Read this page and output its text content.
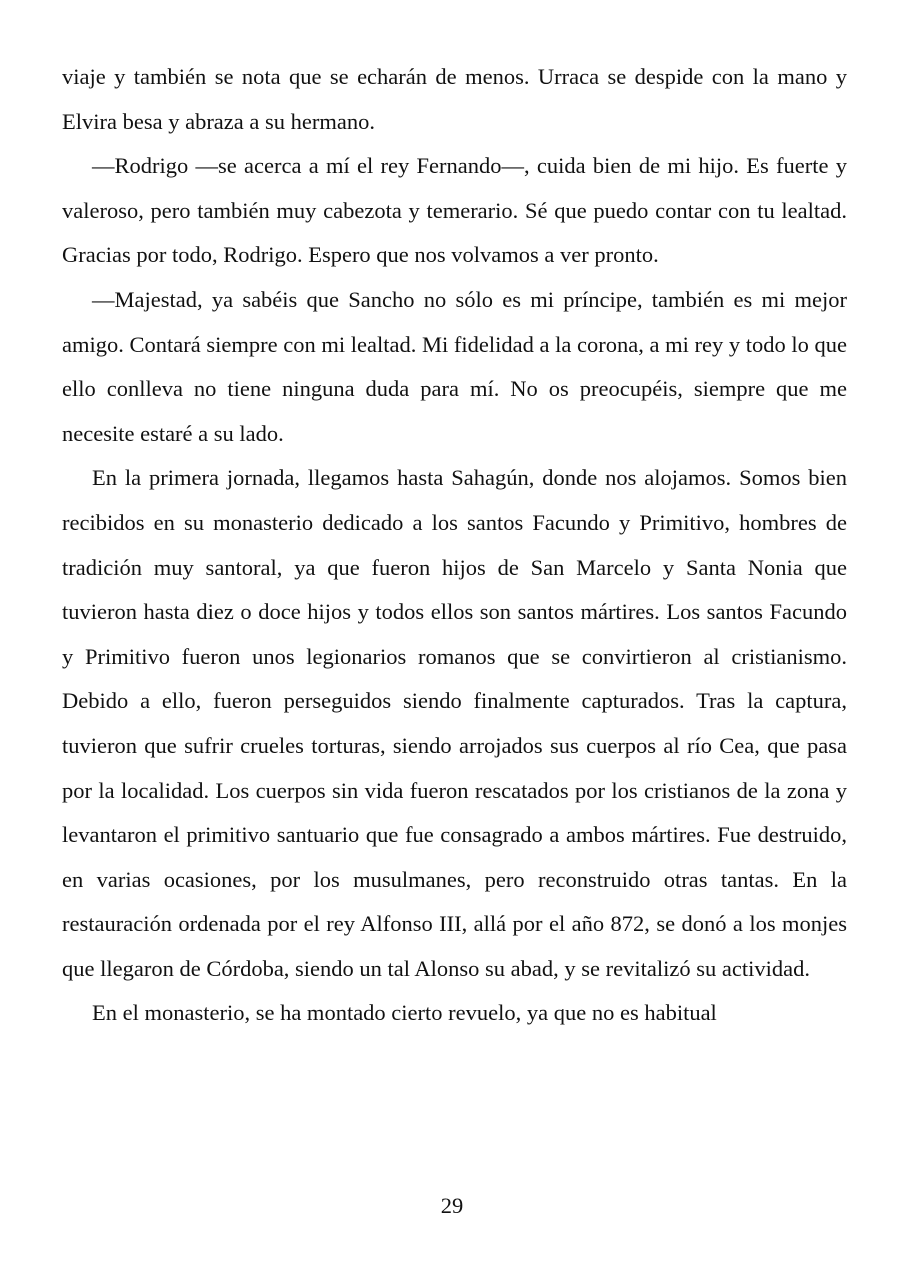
viaje y también se nota que se echarán de menos. Urraca se despide con la mano y Elvira besa y abraza a su hermano.

—Rodrigo —se acerca a mí el rey Fernando—, cuida bien de mi hijo. Es fuerte y valeroso, pero también muy cabezota y temerario. Sé que puedo contar con tu lealtad. Gracias por todo, Rodrigo. Espero que nos volvamos a ver pronto.

—Majestad, ya sabéis que Sancho no sólo es mi príncipe, también es mi mejor amigo. Contará siempre con mi lealtad. Mi fidelidad a la corona, a mi rey y todo lo que ello conlleva no tiene ninguna duda para mí. No os preocupéis, siempre que me necesite estaré a su lado.

En la primera jornada, llegamos hasta Sahagún, donde nos alojamos. Somos bien recibidos en su monasterio dedicado a los santos Facundo y Primitivo, hombres de tradición muy santoral, ya que fueron hijos de San Marcelo y Santa Nonia que tuvieron hasta diez o doce hijos y todos ellos son santos mártires. Los santos Facundo y Primitivo fueron unos legionarios romanos que se convirtieron al cristianismo. Debido a ello, fueron perseguidos siendo finalmente capturados. Tras la captura, tuvieron que sufrir crueles torturas, siendo arrojados sus cuerpos al río Cea, que pasa por la localidad. Los cuerpos sin vida fueron rescatados por los cristianos de la zona y levantaron el primitivo santuario que fue consagrado a ambos mártires. Fue destruido, en varias ocasiones, por los musulmanes, pero reconstruido otras tantas. En la restauración ordenada por el rey Alfonso III, allá por el año 872, se donó a los monjes que llegaron de Córdoba, siendo un tal Alonso su abad, y se revitalizó su actividad.

En el monasterio, se ha montado cierto revuelo, ya que no es habitual

29
